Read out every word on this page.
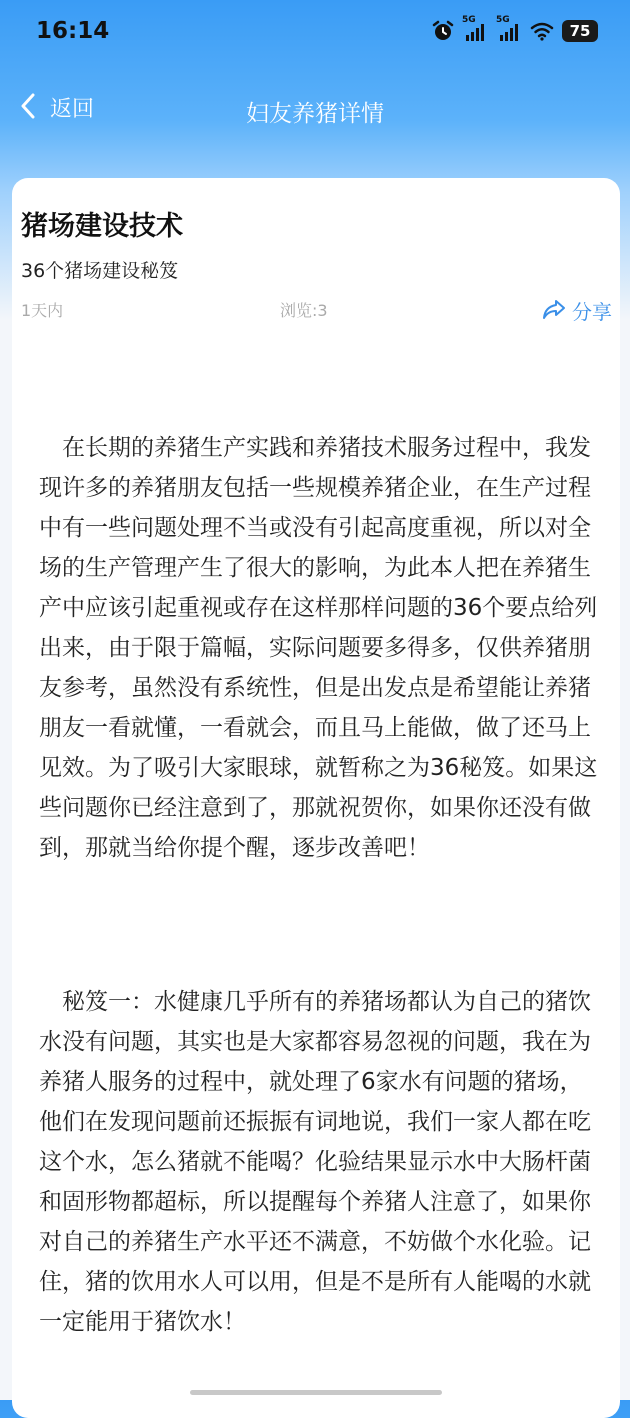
16:14	5G 5G
75
返回	妇友养猪详情
猪场建设技术
36个猪场建设秘笈
1天内	浏览:3	分享
在长期的养猪生产实践和养猪技术服务过程中，我发现许多的养猪朋友包括一些规模养猪企业，在生产过程中有一些问题处理不当或没有引起高度重视，所以对全场的生产管理产生了很大的影响，为此本人把在养猪生产中应该引起重视或存在这样那样问题的36个要点给列出来，由于限于篇幅，实际问题要多得多，仅供养猪朋友参考，虽然没有系统性，但是出发点是希望能让养猪朋友一看就懂，一看就会，而且马上能做，做了还马上见效。为了吸引大家眼球，就暂称之为36秘笈。如果这些问题你已经注意到了，那就祝贺你，如果你还没有做到，那就当给你提个醒，逐步改善吧！
秘笈一：水健康几乎所有的养猪场都认为自己的猪饮水没有问题，其实也是大家都容易忽视的问题，我在为养猪人服务的过程中，就处理了6家水有问题的猪场，他们在发现问题前还振振有词地说，我们一家人都在吃这个水，怎么猪就不能喝？化验结果显示水中大肠杆菌和固形物都超标，所以提醒每个养猪人注意了，如果你对自己的养猪生产水平还不满意，不妨做个水化验。记住，猪的饮用水人可以用，但是不是所有人能喝的水就一定能用于猪饮水！
